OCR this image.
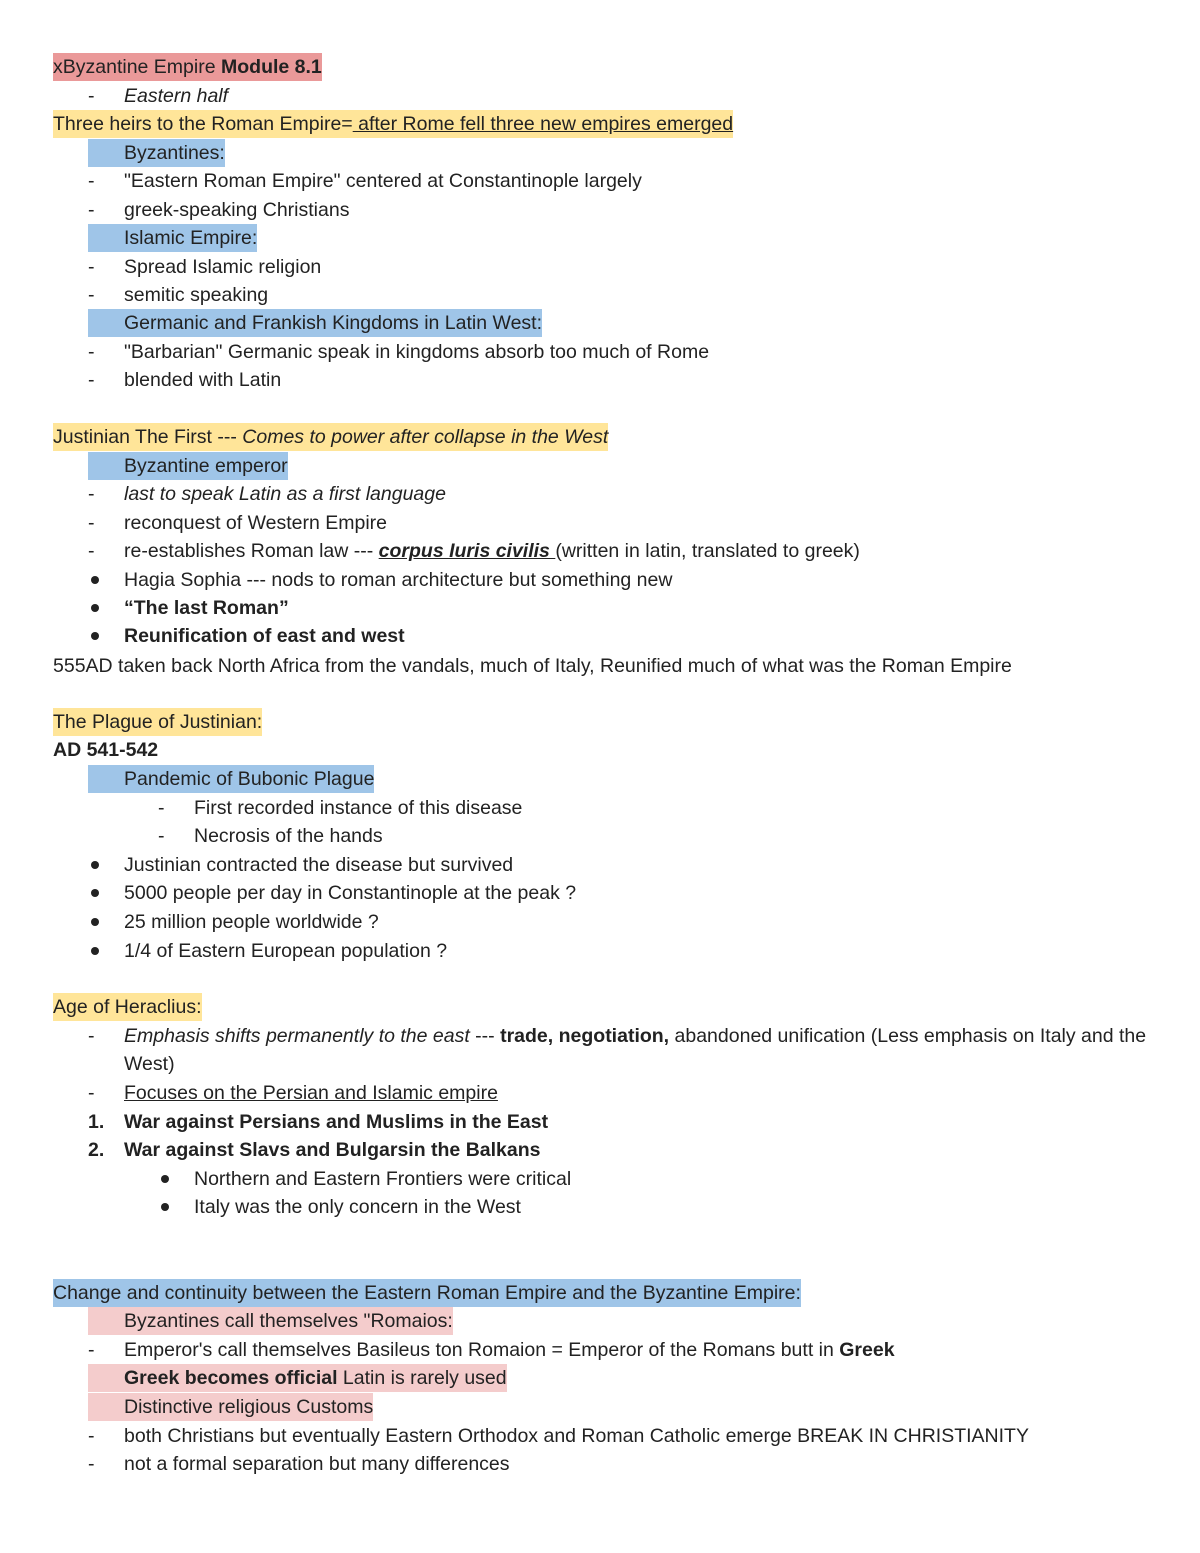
xByzantine Empire Module 8.1
-	Eastern half
Three heirs to the Roman Empire= after Rome fell three new empires emerged
Byzantines:
-	"Eastern Roman Empire" centered at Constantinople largely
-	greek-speaking Christians
Islamic Empire:
-	Spread Islamic religion
-	semitic speaking
Germanic and Frankish Kingdoms in Latin West:
-	"Barbarian" Germanic speak in kingdoms absorb too much of Rome
-	blended with Latin
Justinian The First --- Comes to power after collapse in the West
Byzantine emperor
-	last to speak Latin as a first language
-	reconquest of Western Empire
-	re-establishes Roman law --- corpus Iuris civilis (written in latin, translated to greek)
Hagia Sophia --- nods to roman architecture but something new
“The last Roman”
Reunification of east and west
555AD taken back North Africa from the vandals, much of Italy, Reunified much of what was the Roman Empire
The Plague of Justinian:
AD 541-542
Pandemic of Bubonic Plague
-	First recorded instance of this disease
-	Necrosis of the hands
Justinian contracted the disease but survived
5000 people per day in Constantinople at the peak ?
25 million people worldwide ?
1/4 of Eastern European population ?
Age of Heraclius:
-	Emphasis shifts permanently to the east --- trade, negotiation, abandoned unification (Less emphasis on Italy and the West)
-	Focuses on the Persian and Islamic empire
1.	War against Persians and Muslims in the East
2.	War against Slavs and Bulgarsin the Balkans
Northern and Eastern Frontiers were critical
Italy was the only concern in the West
Change and continuity between the Eastern Roman Empire and the Byzantine Empire:
Byzantines call themselves "Romaios:
-	Emperor's call themselves Basileus ton Romaion = Emperor of the Romans butt in Greek
Greek becomes official Latin is rarely used
Distinctive religious Customs
-	both Christians but eventually Eastern Orthodox and Roman Catholic emerge BREAK IN CHRISTIANITY
-	not a formal separation but many differences
